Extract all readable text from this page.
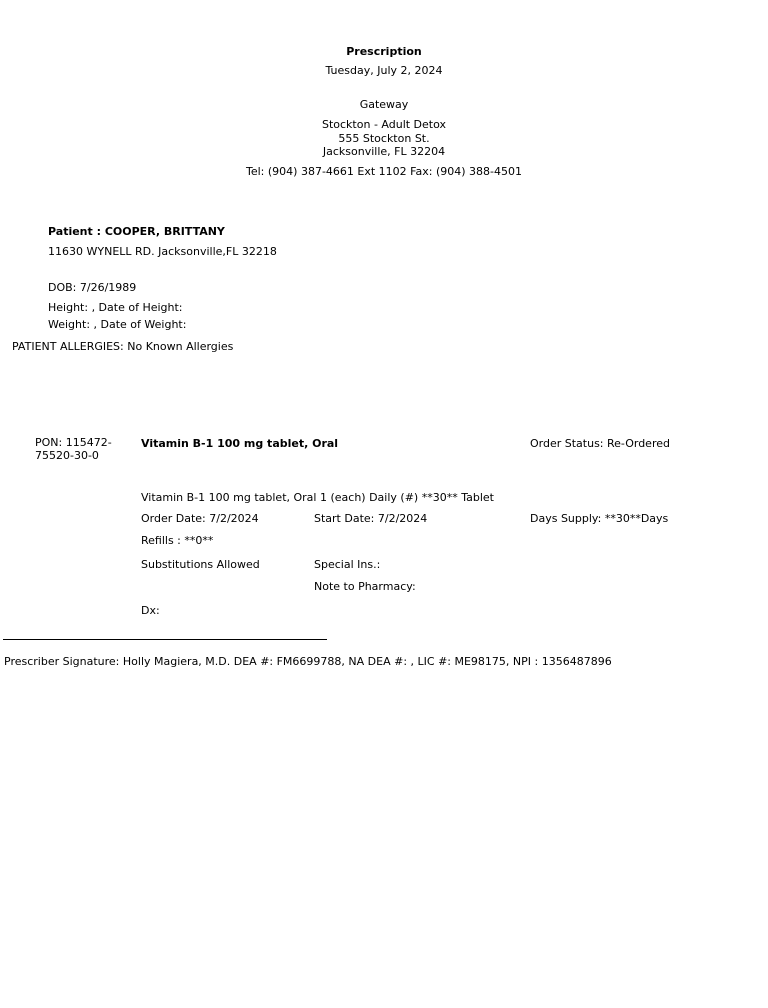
Prescription
Tuesday, July 2, 2024
Gateway
Stockton - Adult Detox
555 Stockton St.
Jacksonville, FL 32204
Tel: (904) 387-4661 Ext 1102 Fax: (904) 388-4501
Patient : COOPER, BRITTANY
11630 WYNELL RD. Jacksonville,FL 32218
DOB: 7/26/1989
Height: , Date of Height:
Weight: , Date of Weight:
PATIENT ALLERGIES: No Known Allergies
PON: 115472-
75520-30-0
Vitamin B-1 100 mg tablet, Oral	Order Status: Re-Ordered
Vitamin B-1 100 mg tablet, Oral 1 (each) Daily (#) **30** Tablet
Order Date: 7/2/2024	Start Date: 7/2/2024	Days Supply: **30**Days
Refills : **0**
Substitutions Allowed	Special Ins.:
Note to Pharmacy:
Dx:
Prescriber Signature: Holly Magiera, M.D. DEA #: FM6699788, NA DEA #: , LIC #: ME98175, NPI : 1356487896
